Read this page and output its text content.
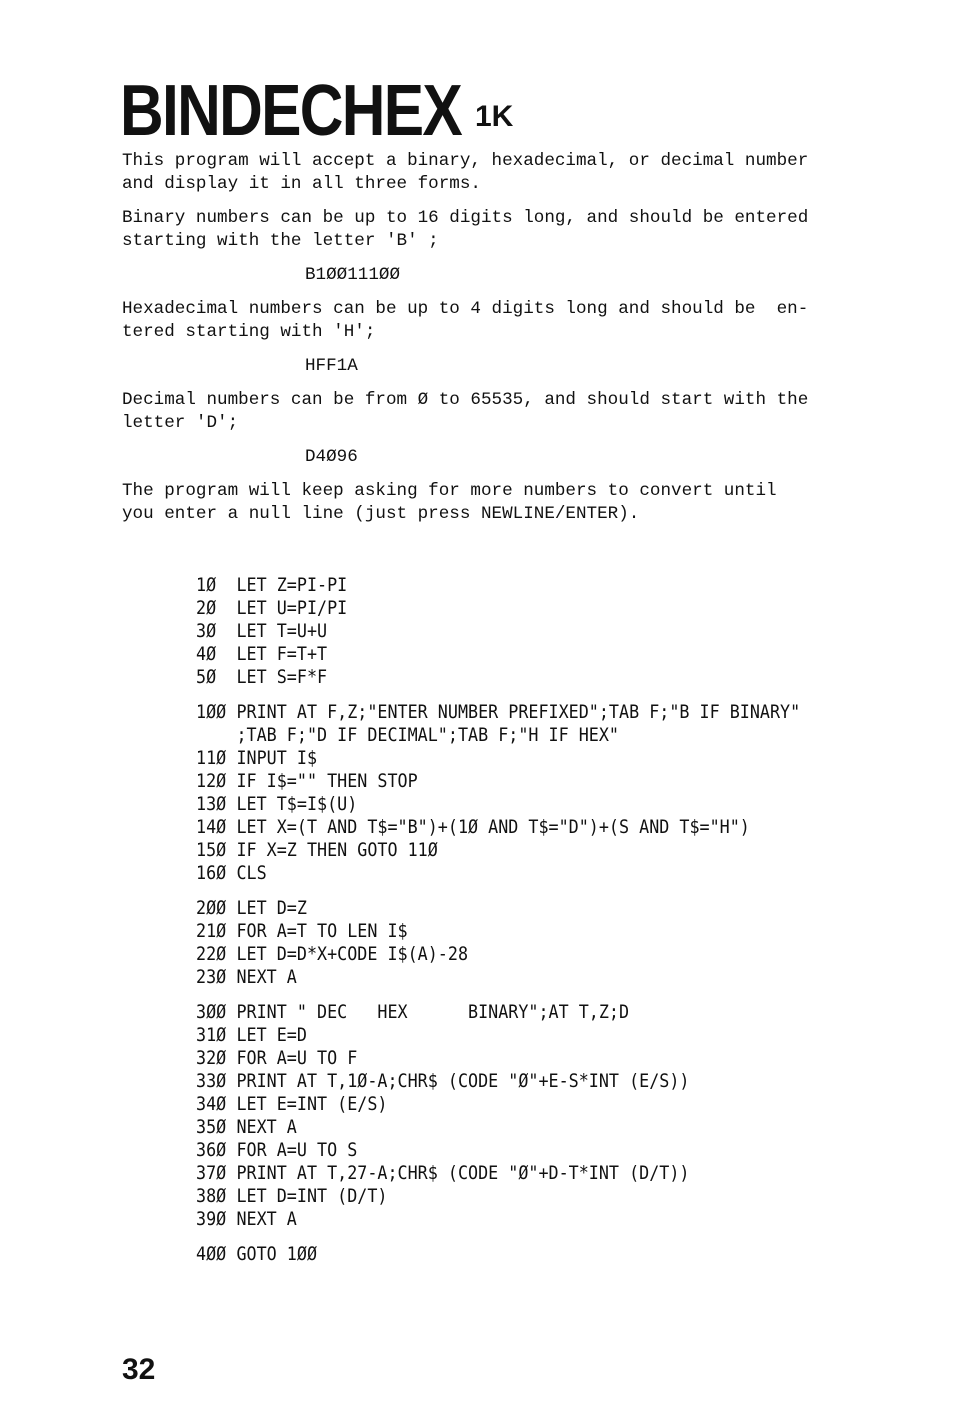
BINDECHEX 1K

This program will accept a binary, hexadecimal, or decimal number
and display it in all three forms.

Binary numbers can be up to 16 digits long, and should be entered
starting with the letter 'B' ;

B1ØØ111ØØ

Hexadecimal numbers can be up to 4 digits long and should be  en-
tered starting with 'H';

HFF1A

Decimal numbers can be from Ø to 65535, and should start with the
letter 'D';

D4Ø96

The program will keep asking for more numbers to convert until
you enter a null line (just press NEWLINE/ENTER).

1Ø	LET Z=PI-PI
2Ø	LET U=PI/PI
3Ø	LET T=U+U
4Ø	LET F=T+T
5Ø	LET S=F*F
1ØØ PRINT AT F,Z;"ENTER NUMBER PREFIXED";TAB F;"B IF BINARY"
;TAB F;"D IF DECIMAL";TAB F;"H IF HEX"
11Ø INPUT I$
12Ø IF I$="" THEN STOP
13Ø LET T$=I$(U)
14Ø LET X=(T AND T$="B")+(1Ø AND T$="D")+(S AND T$="H")
15Ø IF X=Z THEN GOTO 11Ø
16Ø CLS
2ØØ LET D=Z
21Ø FOR A=T TO LEN I$
22Ø LET D=D*X+CODE I$(A)-28
23Ø NEXT A
3ØØ PRINT " DEC   HEX      BINARY";AT T,Z;D
31Ø LET E=D
32Ø FOR A=U TO F
33Ø PRINT AT T,1Ø-A;CHR$ (CODE "Ø"+E-S*INT (E/S))
34Ø LET E=INT (E/S)
35Ø NEXT A
36Ø FOR A=U TO S
37Ø PRINT AT T,27-A;CHR$ (CODE "Ø"+D-T*INT (D/T))
38Ø LET D=INT (D/T)
39Ø NEXT A
4ØØ GOTO 1ØØ
32
